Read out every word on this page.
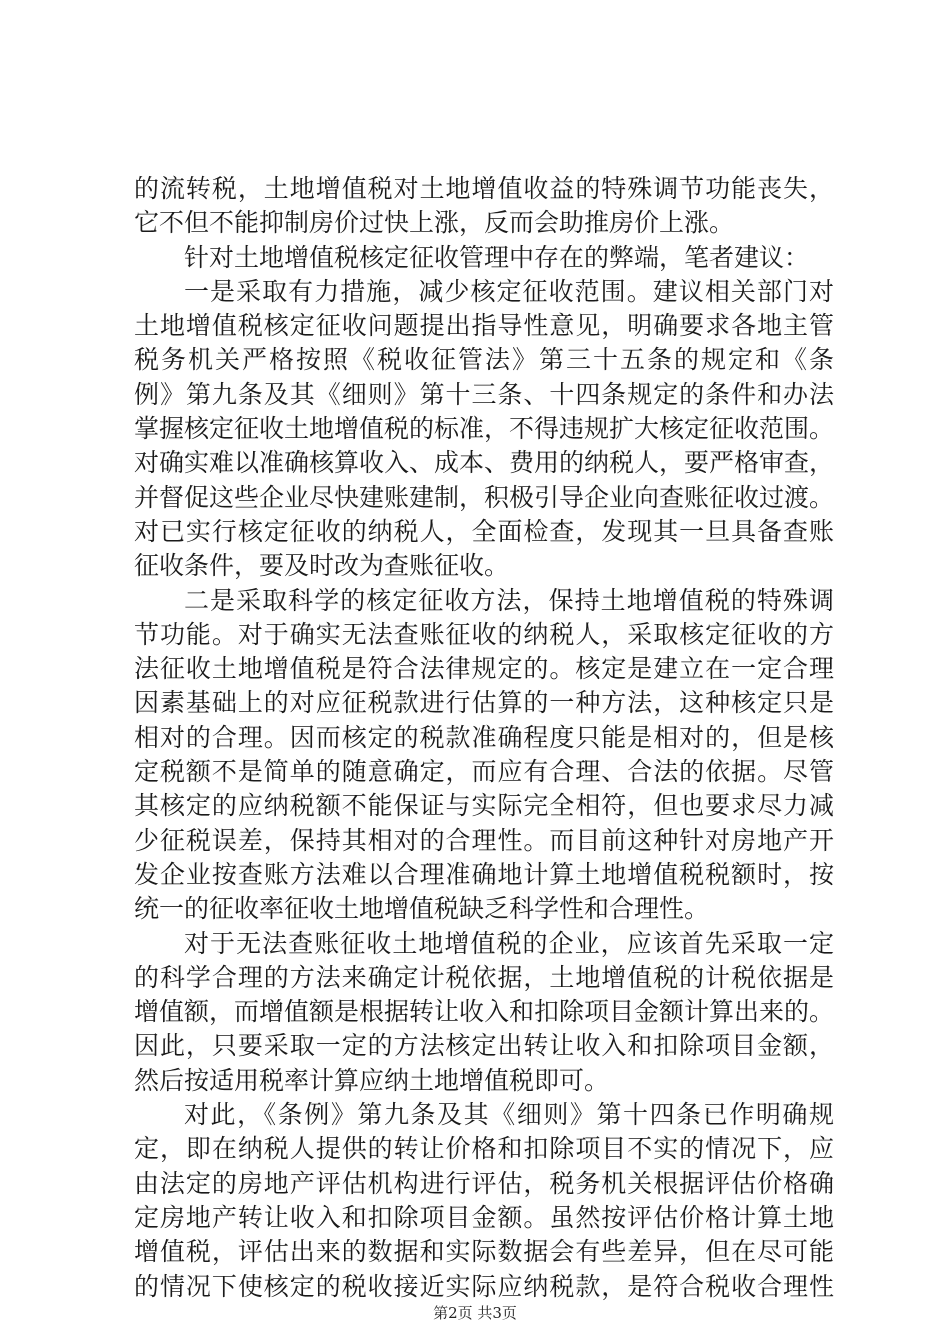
的流转税，土地增值税对土地增值收益的特殊调节功能丧失，
它不但不能抑制房价过快上涨，反而会助推房价上涨。
针对土地增值税核定征收管理中存在的弊端，笔者建议：
一是采取有力措施，减少核定征收范围。建议相关部门对
土地增值税核定征收问题提出指导性意见，明确要求各地主管
税务机关严格按照《税收征管法》第三十五条的规定和《条
例》第九条及其《细则》第十三条、十四条规定的条件和办法
掌握核定征收土地增值税的标准，不得违规扩大核定征收范围。
对确实难以准确核算收入、成本、费用的纳税人，要严格审查，
并督促这些企业尽快建账建制，积极引导企业向查账征收过渡。
对已实行核定征收的纳税人，全面检查，发现其一旦具备查账
征收条件，要及时改为查账征收。
二是采取科学的核定征收方法，保持土地增值税的特殊调
节功能。对于确实无法查账征收的纳税人，采取核定征收的方
法征收土地增值税是符合法律规定的。核定是建立在一定合理
因素基础上的对应征税款进行估算的一种方法，这种核定只是
相对的合理。因而核定的税款准确程度只能是相对的，但是核
定税额不是简单的随意确定，而应有合理、合法的依据。尽管
其核定的应纳税额不能保证与实际完全相符，但也要求尽力减
少征税误差，保持其相对的合理性。而目前这种针对房地产开
发企业按查账方法难以合理准确地计算土地增值税税额时，按
统一的征收率征收土地增值税缺乏科学性和合理性。
对于无法查账征收土地增值税的企业，应该首先采取一定
的科学合理的方法来确定计税依据，土地增值税的计税依据是
增值额，而增值额是根据转让收入和扣除项目金额计算出来的。
因此，只要采取一定的方法核定出转让收入和扣除项目金额，
然后按适用税率计算应纳土地增值税即可。
对此，《条例》第九条及其《细则》第十四条已作明确规
定，即在纳税人提供的转让价格和扣除项目不实的情况下，应
由法定的房地产评估机构进行评估，税务机关根据评估价格确
定房地产转让收入和扣除项目金额。虽然按评估价格计算土地
增值税，评估出来的数据和实际数据会有些差异，但在尽可能
的情况下使核定的税收接近实际应纳税款，是符合税收合理性
第2页 共3页
